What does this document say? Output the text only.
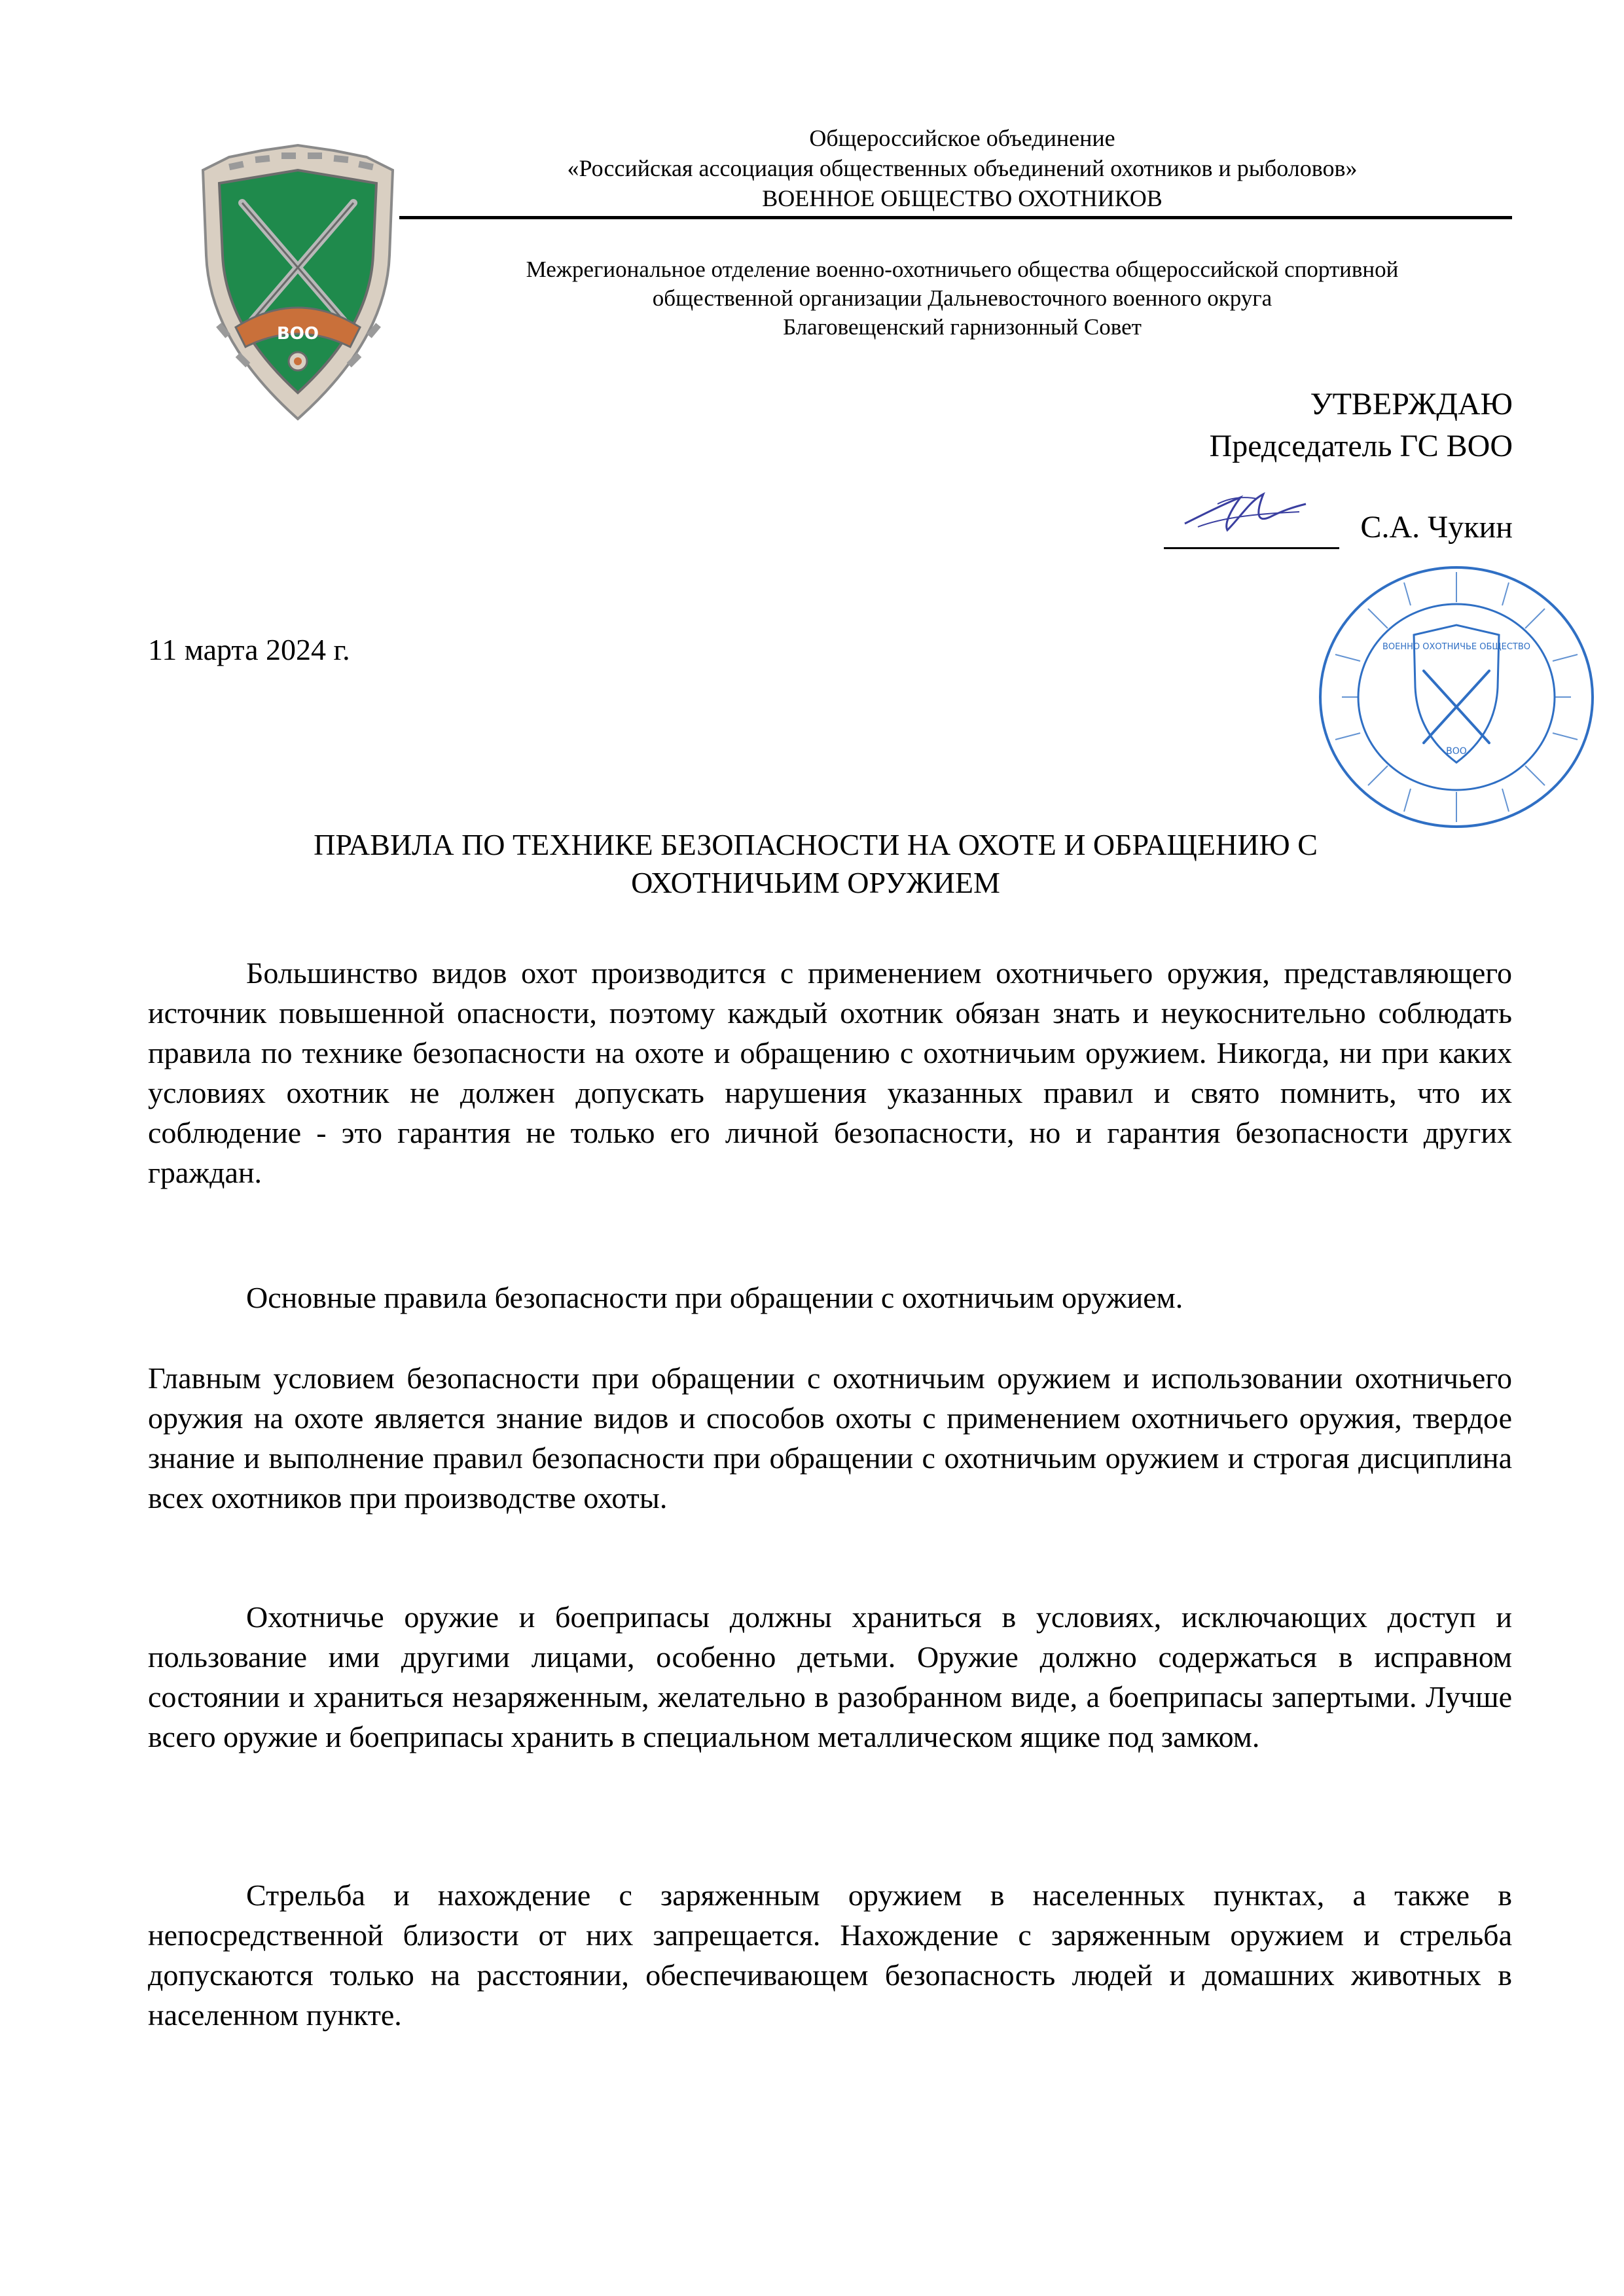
ВОО
Общероссийское объединение
«Российская ассоциация общественных объединений охотников и рыболовов»
ВОЕННОЕ ОБЩЕСТВО ОХОТНИКОВ
Межрегиональное отделение военно-охотничьего общества общероссийской спортивной
общественной организации Дальневосточного военного округа
Благовещенский гарнизонный Совет
УТВЕРЖДАЮ
Председатель ГС ВОО
С.А. Чукин
ВОЕННО ОХОТНИЧЬЕ ОБЩЕСТВО
ВОО
11 марта 2024 г.
ПРАВИЛА ПО ТЕХНИКЕ БЕЗОПАСНОСТИ НА ОХОТЕ И ОБРАЩЕНИЮ С
ОХОТНИЧЬИМ ОРУЖИЕМ
Большинство видов охот производится с применением охотничьего оружия, представляющего источник повышенной опасности, поэтому каждый охотник обязан знать и неукоснительно соблюдать правила по технике безопасности на охоте и обращению с охотничьим оружием. Никогда, ни при каких условиях охотник не должен допускать нарушения указанных правил и свято помнить, что их соблюдение - это гарантия не только его личной безопасности, но и гарантия безопасности других граждан.
Основные правила безопасности при обращении с охотничьим оружием.
Главным условием безопасности при обращении с охотничьим оружием и использовании охотничьего оружия на охоте является знание видов и способов охоты с применением охотничьего оружия, твердое знание и выполнение правил безопасности при обращении с охотничьим оружием и строгая дисциплина всех охотников при производстве охоты.
Охотничье оружие и боеприпасы должны храниться в условиях, исключающих доступ и пользование ими другими лицами, особенно детьми. Оружие должно содержаться в исправном состоянии и храниться незаряженным, желательно в разобранном виде, а боеприпасы запертыми. Лучше всего оружие и боеприпасы хранить в специальном металлическом ящике под замком.
Стрельба и нахождение с заряженным оружием в населенных пунктах, а также в непосредственной близости от них запрещается. Нахождение с заряженным оружием и стрельба допускаются только на расстоянии, обеспечивающем безопасность людей и домашних животных в населенном пункте.
